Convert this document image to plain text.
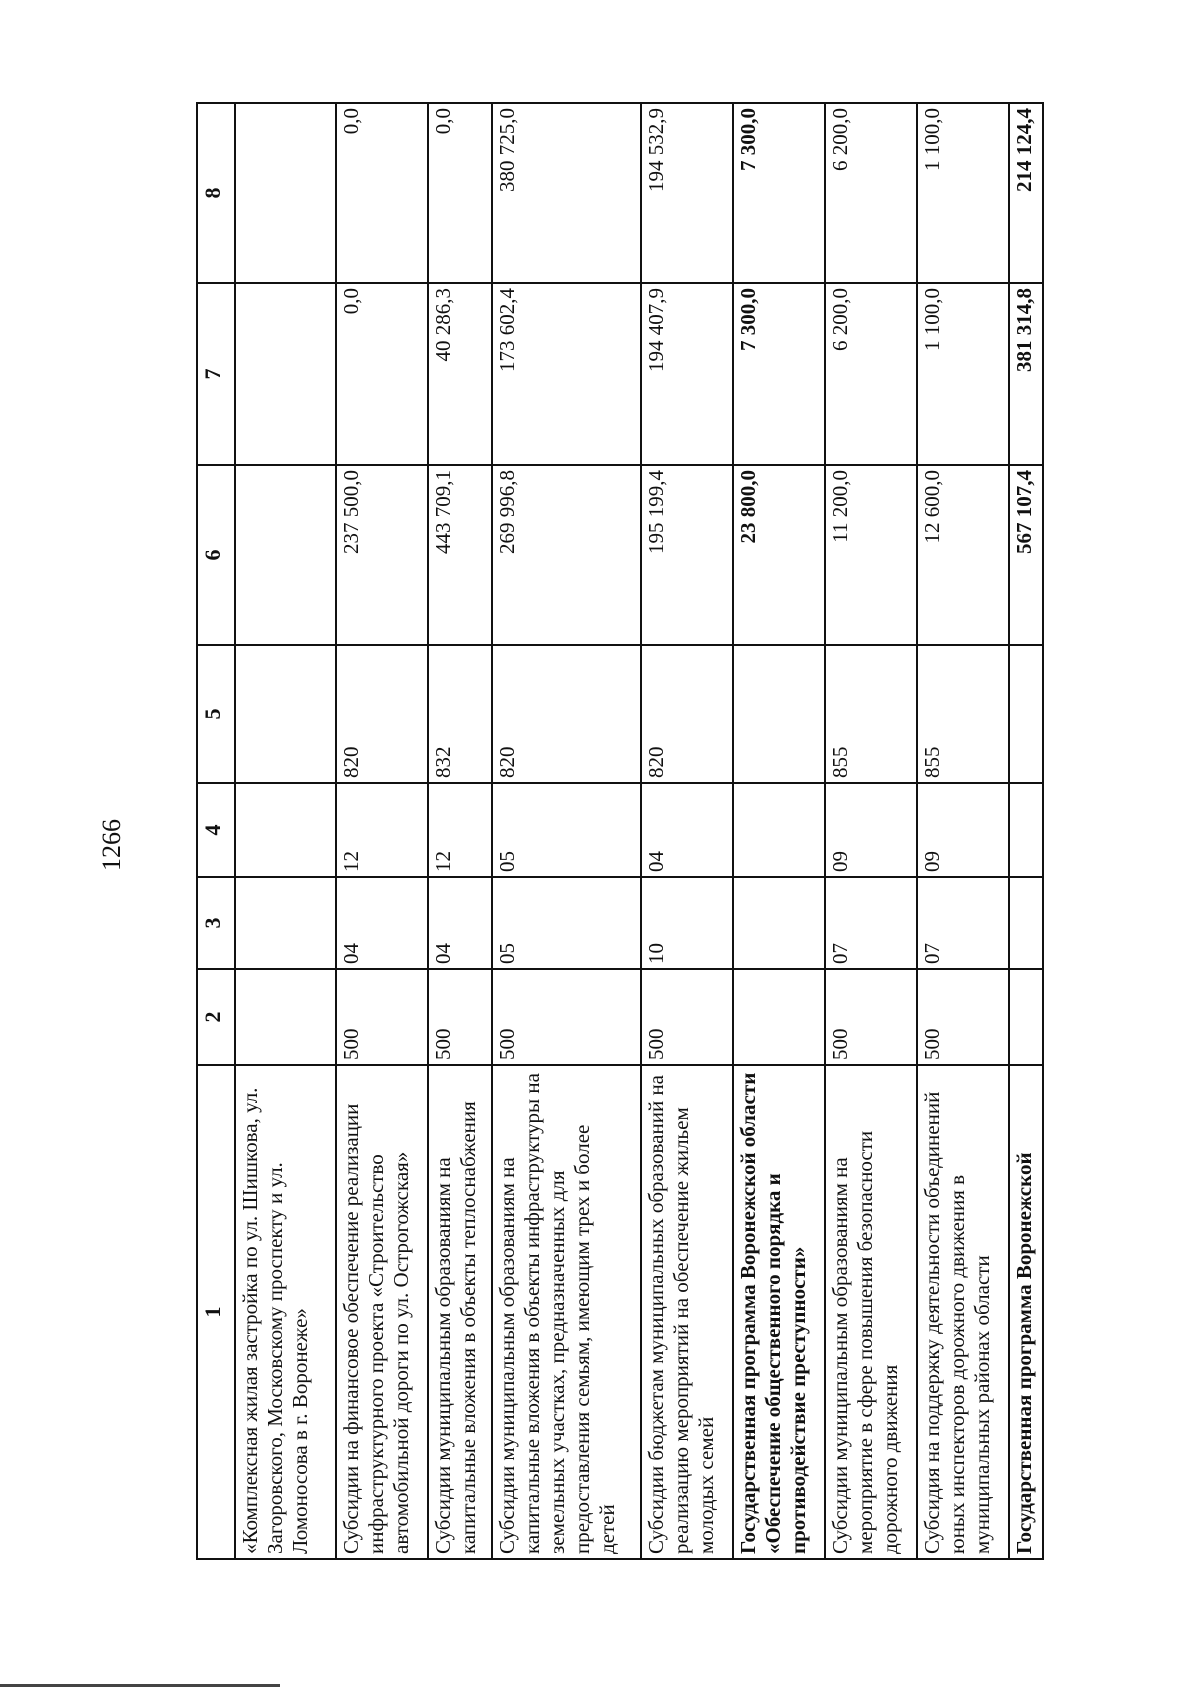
1266
1	2	3	4	5	6	7	8
«Комплексная жилая застройка по ул. Шишкова, ул. Загоровского, Московскому проспекту и ул. Ломоносова в г. Воронеже»							
Субсидии на финансовое обеспечение реализации инфраструктурного проекта «Строительство автомобильной дороги по ул. Острогожская»	500	04	12	820	237 500,0	0,0	0,0
Субсидии муниципальным образованиям на капитальные вложения в объекты теплоснабжения	500	04	12	832	443 709,1	40 286,3	0,0
Субсидии муниципальным образованиям на капитальные вложения в объекты инфраструктуры на земельных участках, предназначенных для предоставления семьям, имеющим трех и более детей	500	05	05	820	269 996,8	173 602,4	380 725,0
Субсидии бюджетам муниципальных образований на реализацию мероприятий на обеспечение жильем молодых семей	500	10	04	820	195 199,4	194 407,9	194 532,9
Государственная программа Воронежской области «Обеспечение общественного порядка и противодействие преступности»					23 800,0	7 300,0	7 300,0
Субсидии муниципальным образованиям на мероприятие в сфере повышения безопасности дорожного движения	500	07	09	855	11 200,0	6 200,0	6 200,0
Субсидия на поддержку деятельности объединений юных инспекторов дорожного движения в муниципальных районах области	500	07	09	855	12 600,0	1 100,0	1 100,0
Государственная программа Воронежской					567 107,4	381 314,8	214 124,4
